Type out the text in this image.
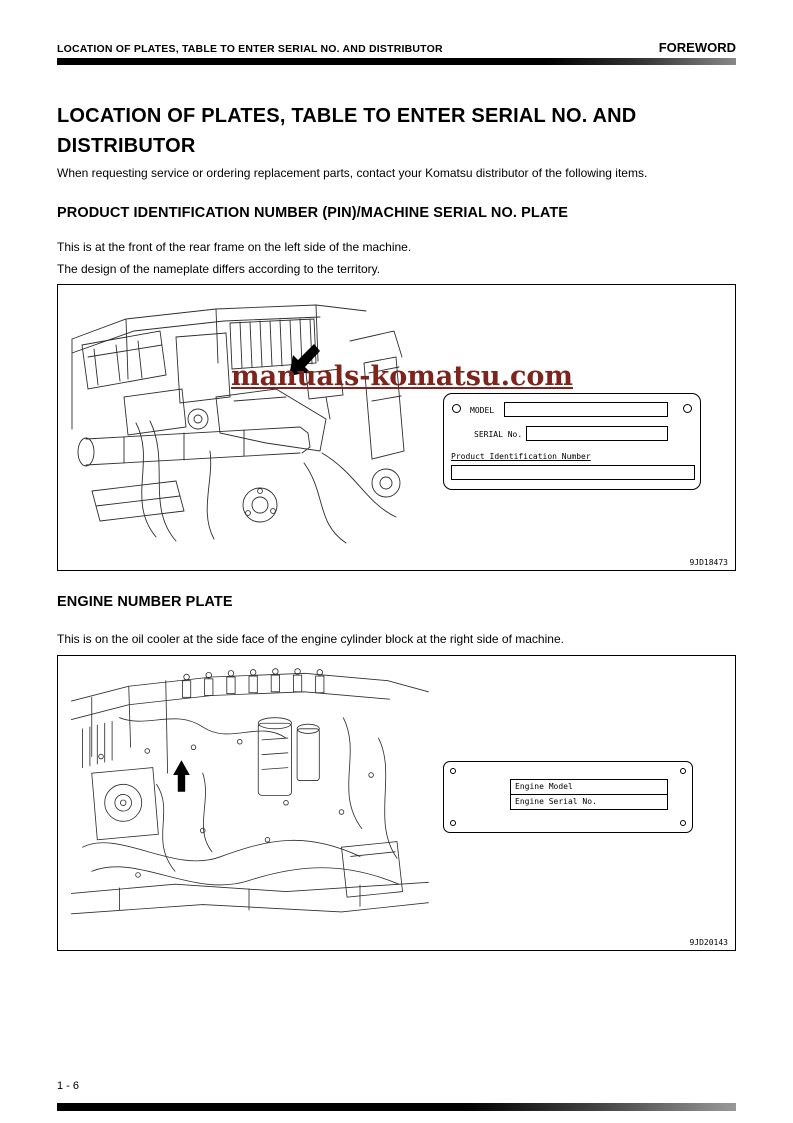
LOCATION OF PLATES, TABLE TO ENTER SERIAL NO. AND DISTRIBUTOR	FOREWORD
LOCATION OF PLATES, TABLE TO ENTER SERIAL NO. AND
DISTRIBUTOR
When requesting service or ordering replacement parts, contact your Komatsu distributor of the following items.
PRODUCT IDENTIFICATION NUMBER (PIN)/MACHINE SERIAL NO. PLATE
This is at the front of the rear frame on the left side of the machine.
The design of the nameplate differs according to the territory.
manuals-komatsu.com
MODEL
SERIAL No.
Product Identification Number
9JD18473
ENGINE NUMBER PLATE
This is on the oil cooler at the side face of the engine cylinder block at the right side of machine.
Engine Model
Engine Serial No.
9JD20143
1 - 6
